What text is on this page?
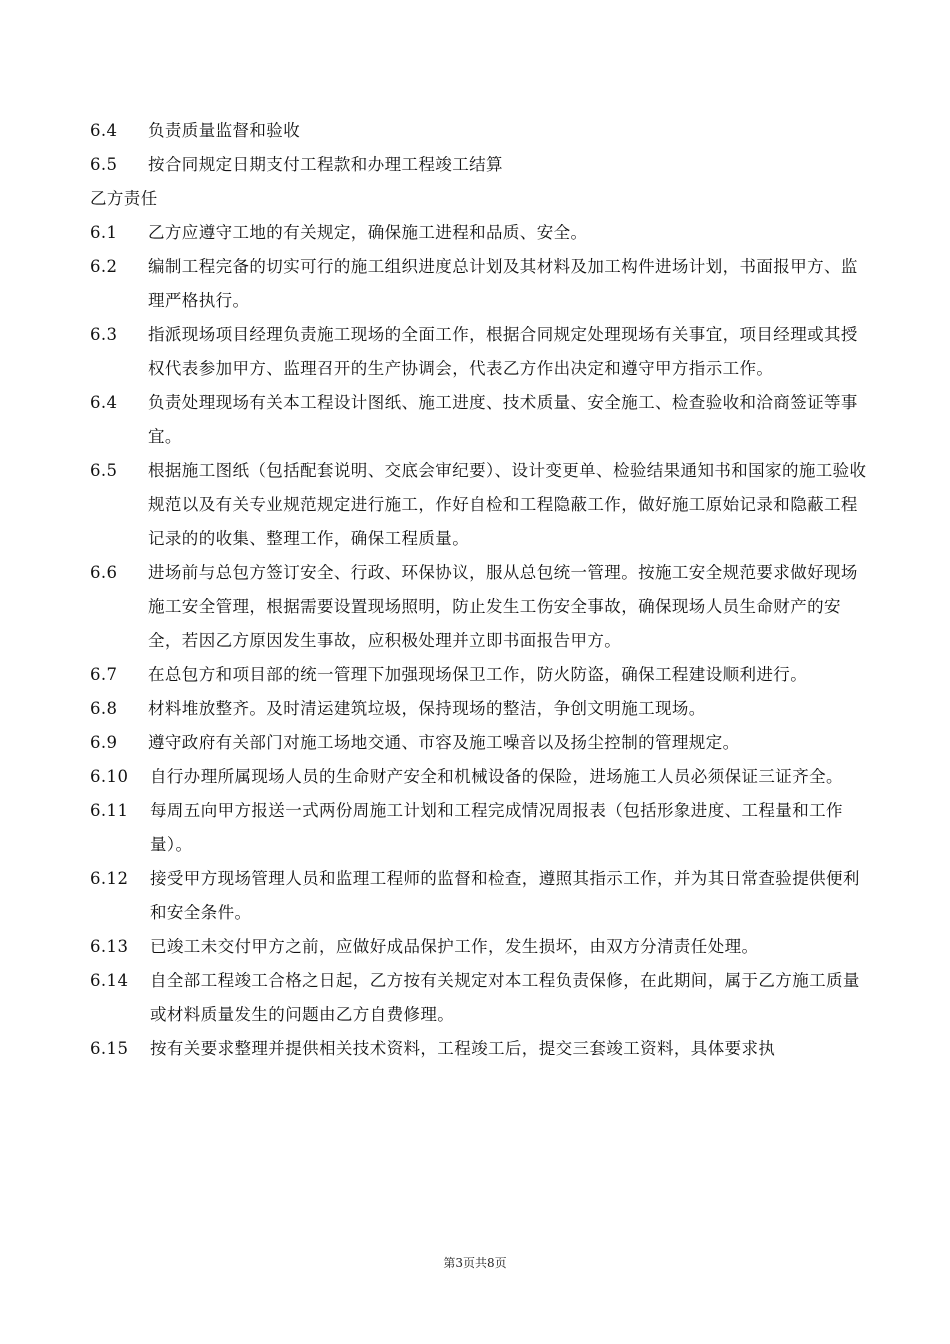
6.4	负责质量监督和验收
6.5	按合同规定日期支付工程款和办理工程竣工结算
乙方责任
6.1	乙方应遵守工地的有关规定，确保施工进程和品质、安全。
6.2	编制工程完备的切实可行的施工组织进度总计划及其材料及加工构件进场计划，书面报甲方、监理严格执行。
6.3	指派现场项目经理负责施工现场的全面工作，根据合同规定处理现场有关事宜，项目经理或其授权代表参加甲方、监理召开的生产协调会，代表乙方作出决定和遵守甲方指示工作。
6.4	负责处理现场有关本工程设计图纸、施工进度、技术质量、安全施工、检查验收和洽商签证等事宜。
6.5	根据施工图纸（包括配套说明、交底会审纪要）、设计变更单、检验结果通知书和国家的施工验收规范以及有关专业规范规定进行施工，作好自检和工程隐蔽工作，做好施工原始记录和隐蔽工程记录的的收集、整理工作，确保工程质量。
6.6	进场前与总包方签订安全、行政、环保协议，服从总包统一管理。按施工安全规范要求做好现场施工安全管理，根据需要设置现场照明，防止发生工伤安全事故，确保现场人员生命财产的安全，若因乙方原因发生事故，应积极处理并立即书面报告甲方。
6.7	在总包方和项目部的统一管理下加强现场保卫工作，防火防盗，确保工程建设顺利进行。
6.8	材料堆放整齐。及时清运建筑垃圾，保持现场的整洁，争创文明施工现场。
6.9	遵守政府有关部门对施工场地交通、市容及施工噪音以及扬尘控制的管理规定。
6.10	自行办理所属现场人员的生命财产安全和机械设备的保险，进场施工人员必须保证三证齐全。
6.11	每周五向甲方报送一式两份周施工计划和工程完成情况周报表（包括形象进度、工程量和工作量）。
6.12	接受甲方现场管理人员和监理工程师的监督和检查，遵照其指示工作，并为其日常查验提供便利和安全条件。
6.13	已竣工未交付甲方之前，应做好成品保护工作，发生损坏，由双方分清责任处理。
6.14	自全部工程竣工合格之日起，乙方按有关规定对本工程负责保修，在此期间，属于乙方施工质量或材料质量发生的问题由乙方自费修理。
6.15	按有关要求整理并提供相关技术资料，工程竣工后，提交三套竣工资料，具体要求执
第3页共8页
